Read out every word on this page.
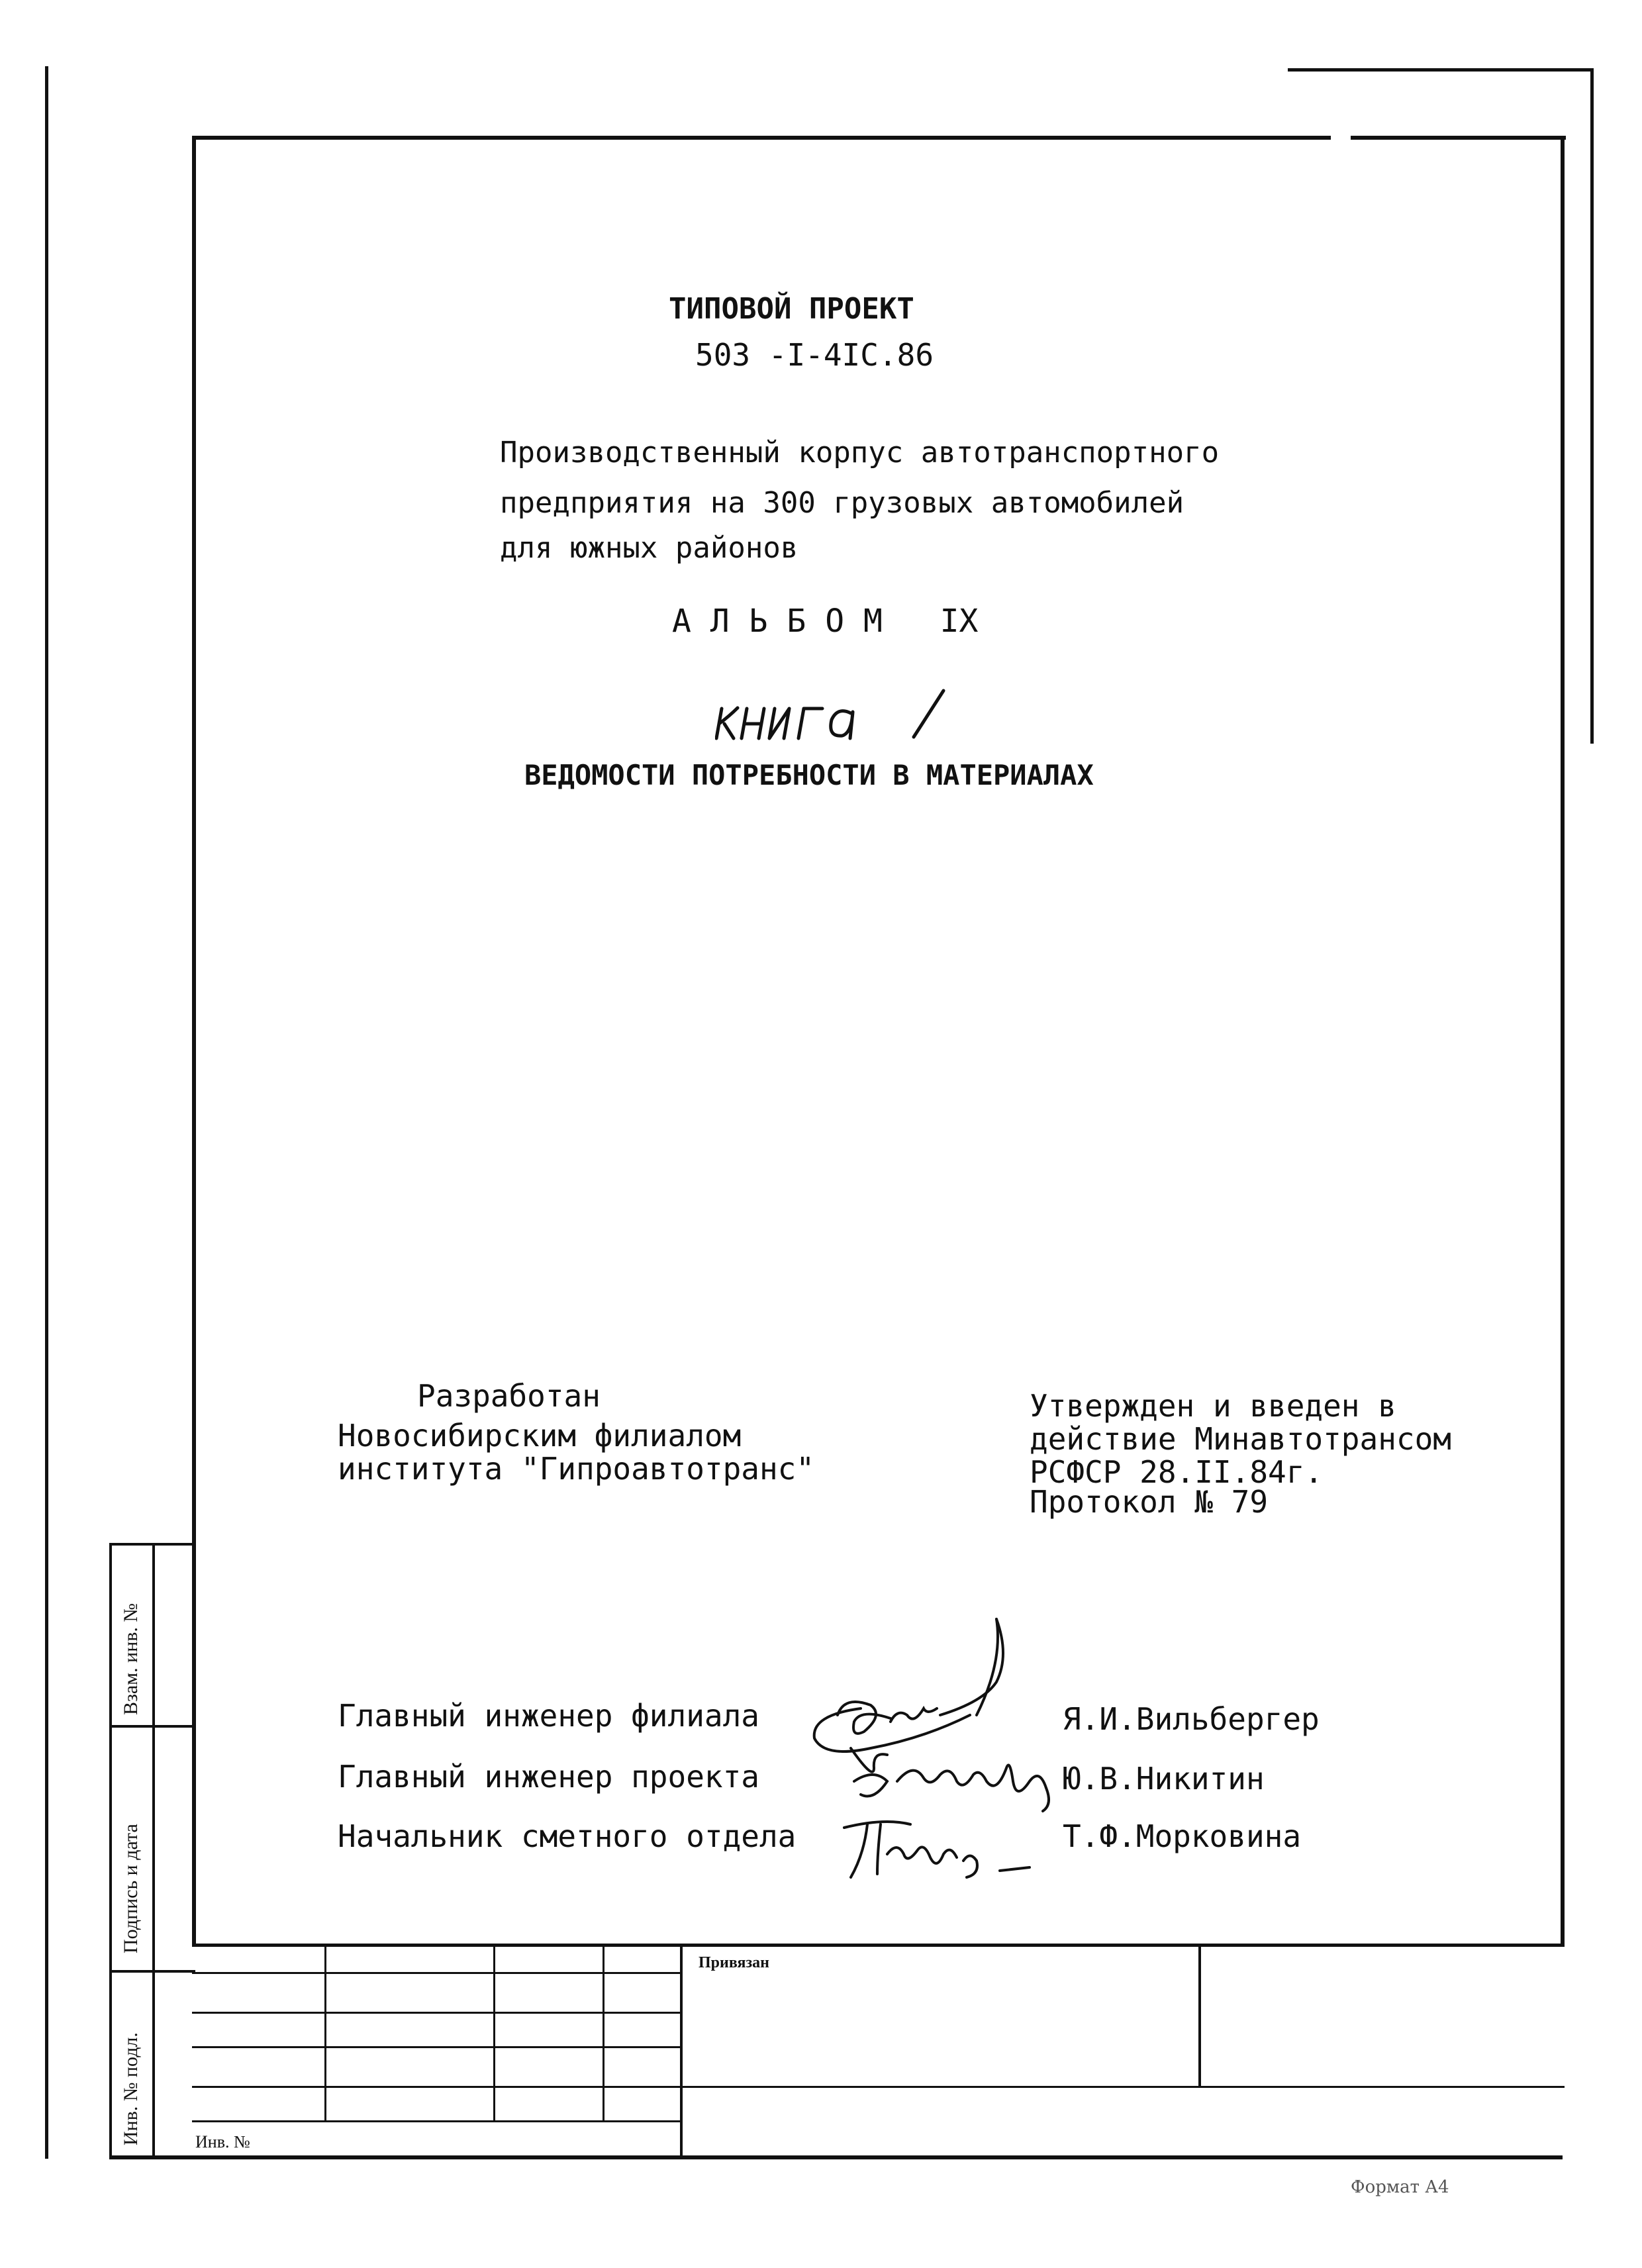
ТИПОВОЙ ПРОЕКТ
503 -I-4IC.86
Производственный корпус автотранспортного
предприятия на 300 грузовых автомобилей
для южных районов
А Л Ь Б О М   IX
ВЕДОМОСТИ ПОТРЕБНОСТИ В МАТЕРИАЛАХ
Разработан
Новосибирским филиалом
института "Гипроавтотранс"
Утвержден и введен в
действие Минавтотрансом
РСФСР 28.II.84г.
Протокол № 79
Главный инженер филиала	Я.И.Вильбергер
Главный инженер проекта	Ю.В.Никитин
Начальник сметного отдела	Т.Ф.Морковина
Взам. инв. №
Подпись и дата
Инв. № подл.
Привязан
Инв. №
Формат А4
